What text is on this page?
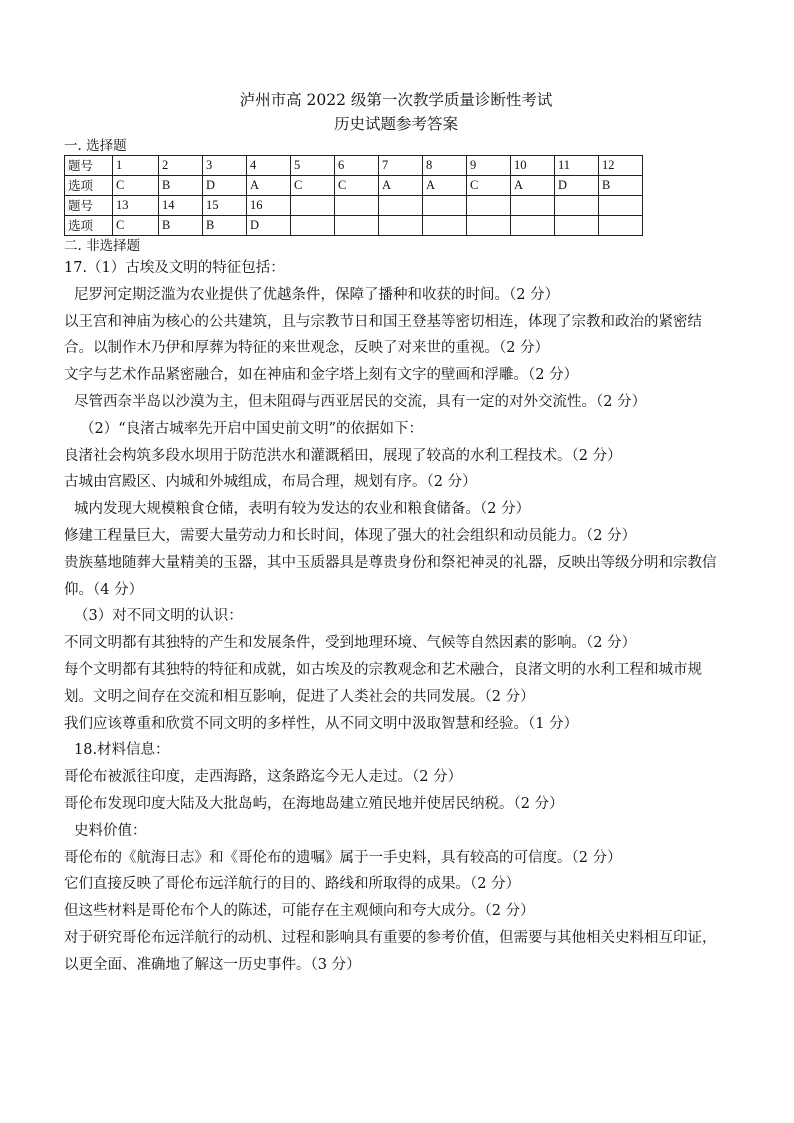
泸州市高 2022 级第一次教学质量诊断性考试
历史试题参考答案

一. 选择题

题号	1	2	3	4	5	6	7	8	9	10	11	12
选项	C	B	D	A	C	C	A	A	C	A	D	B
题号	13	14	15	16								
选项	C	B	B	D								

二. 非选择题

17.（1）古埃及文明的特征包括：

尼罗河定期泛滥为农业提供了优越条件，保障了播种和收获的时间。（2 分）

以王宫和神庙为核心的公共建筑，且与宗教节日和国王登基等密切相连，体现了宗教和政治的紧密结合。以制作木乃伊和厚葬为特征的来世观念，反映了对来世的重视。（2 分）

文字与艺术作品紧密融合，如在神庙和金字塔上刻有文字的壁画和浮雕。（2 分）

尽管西奈半岛以沙漠为主，但未阻碍与西亚居民的交流，具有一定的对外交流性。（2 分）

（2）“良渚古城率先开启中国史前文明”的依据如下：

良渚社会构筑多段水坝用于防范洪水和灌溉稻田，展现了较高的水利工程技术。（2 分）

古城由宫殿区、内城和外城组成，布局合理，规划有序。（2 分）

城内发现大规模粮食仓储，表明有较为发达的农业和粮食储备。（2 分）

修建工程量巨大，需要大量劳动力和长时间，体现了强大的社会组织和动员能力。（2 分）

贵族墓地随葬大量精美的玉器，其中玉质器具是尊贵身份和祭祀神灵的礼器，反映出等级分明和宗教信仰。（4 分）

（3）对不同文明的认识：

不同文明都有其独特的产生和发展条件，受到地理环境、气候等自然因素的影响。（2 分）

每个文明都有其独特的特征和成就，如古埃及的宗教观念和艺术融合，良渚文明的水利工程和城市规划。文明之间存在交流和相互影响，促进了人类社会的共同发展。（2 分）

我们应该尊重和欣赏不同文明的多样性，从不同文明中汲取智慧和经验。（1 分）

18.材料信息：

哥伦布被派往印度，走西海路，这条路迄今无人走过。（2 分）

哥伦布发现印度大陆及大批岛屿，在海地岛建立殖民地并使居民纳税。（2 分）

史料价值：

哥伦布的《航海日志》和《哥伦布的遗嘱》属于一手史料，具有较高的可信度。（2 分）

它们直接反映了哥伦布远洋航行的目的、路线和所取得的成果。（2 分）

但这些材料是哥伦布个人的陈述，可能存在主观倾向和夸大成分。（2 分）

对于研究哥伦布远洋航行的动机、过程和影响具有重要的参考价值，但需要与其他相关史料相互印证，以更全面、准确地了解这一历史事件。（3 分）
